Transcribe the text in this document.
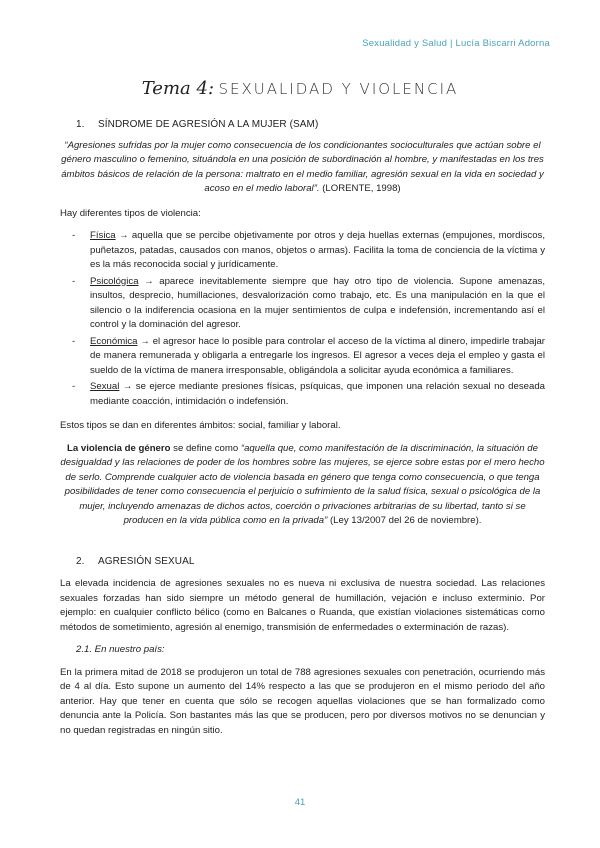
Sexualidad y Salud | Lucía Biscarri Adorna
Tema 4: SEXUALIDAD Y VIOLENCIA
1. SÍNDROME DE AGRESIÓN A LA MUJER (SAM)

“Agresiones sufridas por la mujer como consecuencia de los condicionantes socioculturales que actúan sobre el género masculino o femenino, situándola en una posición de subordinación al hombre, y manifestadas en los tres ámbitos básicos de relación de la persona: maltrato en el medio familiar, agresión sexual en la vida en sociedad y acoso en el medio laboral”. (LORENTE, 1998)

Hay diferentes tipos de violencia:

- Física → aquella que se percibe objetivamente por otros y deja huellas externas (empujones, mordiscos, puñetazos, patadas, causados con manos, objetos o armas). Facilita la toma de conciencia de la víctima y es la más reconocida social y jurídicamente.
- Psicológica → aparece inevitablemente siempre que hay otro tipo de violencia. Supone amenazas, insultos, desprecio, humillaciones, desvalorización como trabajo, etc. Es una manipulación en la que el silencio o la indiferencia ocasiona en la mujer sentimientos de culpa e indefensión, incrementando así el control y la dominación del agresor.
- Económica → el agresor hace lo posible para controlar el acceso de la víctima al dinero, impedirle trabajar de manera remunerada y obligarla a entregarle los ingresos. El agresor a veces deja el empleo y gasta el sueldo de la víctima de manera irresponsable, obligándola a solicitar ayuda económica a familiares.
- Sexual → se ejerce mediante presiones físicas, psíquicas, que imponen una relación sexual no deseada mediante coacción, intimidación o indefensión.

Estos tipos se dan en diferentes ámbitos: social, familiar y laboral.

La violencia de género se define como “aquella que, como manifestación de la discriminación, la situación de desigualdad y las relaciones de poder de los hombres sobre las mujeres, se ejerce sobre estas por el mero hecho de serlo. Comprende cualquier acto de violencia basada en género que tenga como consecuencia, o que tenga posibilidades de tener como consecuencia el perjuicio o sufrimiento de la salud física, sexual o psicológica de la mujer, incluyendo amenazas de dichos actos, coerción o privaciones arbitrarias de su libertad, tanto si se producen en la vida pública como en la privada” (Ley 13/2007 del 26 de noviembre).

2. AGRESIÓN SEXUAL

La elevada incidencia de agresiones sexuales no es nueva ni exclusiva de nuestra sociedad. Las relaciones sexuales forzadas han sido siempre un método general de humillación, vejación e incluso exterminio. Por ejemplo: en cualquier conflicto bélico (como en Balcanes o Ruanda, que existían violaciones sistemáticas como métodos de sometimiento, agresión al enemigo, transmisión de enfermedades o exterminación de razas).

2.1. En nuestro país:

En la primera mitad de 2018 se produjeron un total de 788 agresiones sexuales con penetración, ocurriendo más de 4 al día. Esto supone un aumento del 14% respecto a las que se produjeron en el mismo periodo del año anterior. Hay que tener en cuenta que sólo se recogen aquellas violaciones que se han formalizado como denuncia ante la Policía. Son bastantes más las que se producen, pero por diversos motivos no se denuncian y no quedan registradas en ningún sitio.

41
